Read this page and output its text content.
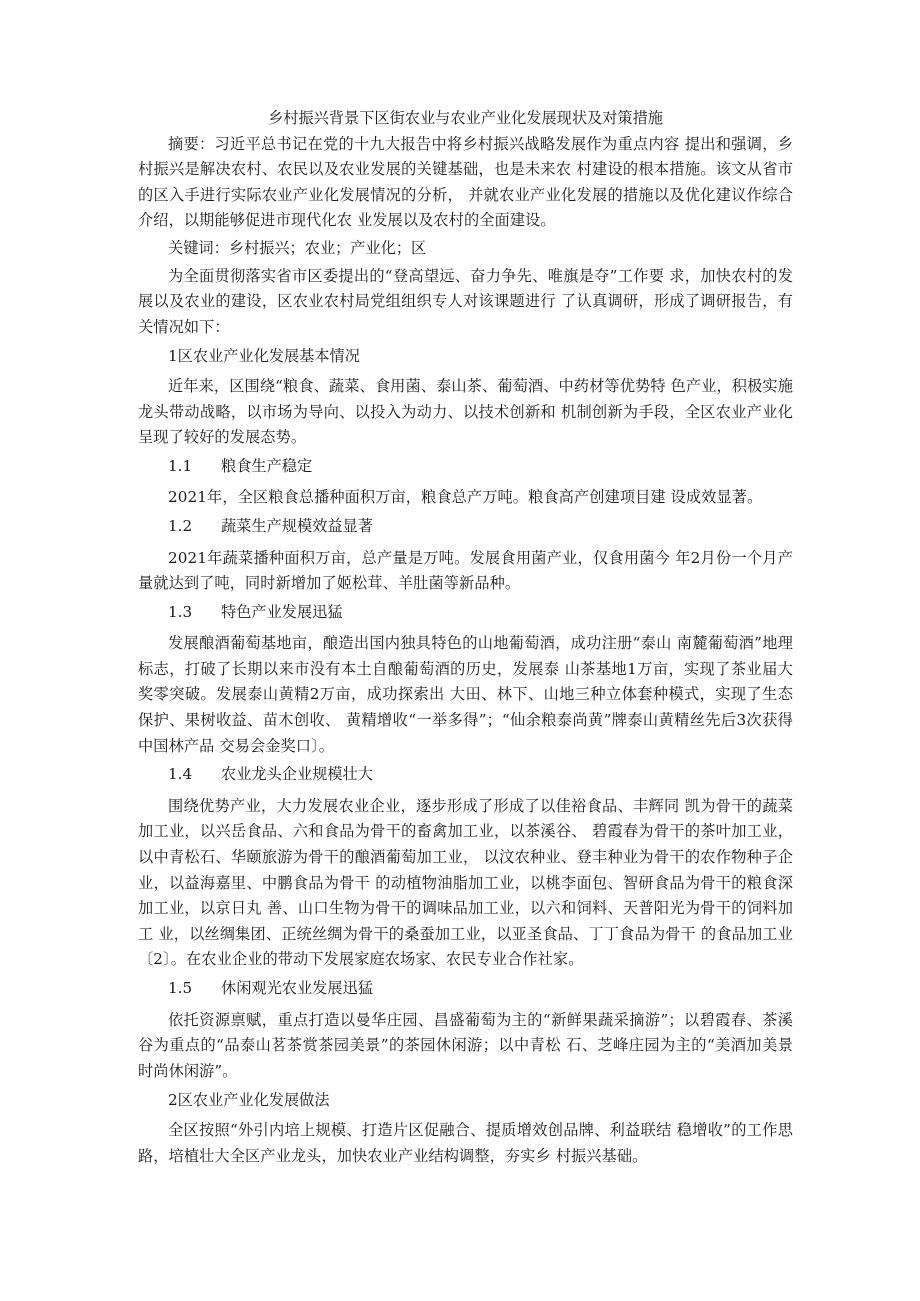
乡村振兴背景下区街农业与农业产业化发展现状及对策措施

摘要：习近平总书记在党的十九大报告中将乡村振兴战略发展作为重点内容 提出和强调，乡村振兴是解决农村、农民以及农业发展的关键基础，也是未来农 村建设的根本措施。该文从省市的区入手进行实际农业产业化发展情况的分析， 并就农业产业化发展的措施以及优化建议作综合介绍，以期能够促进市现代化农 业发展以及农村的全面建设。

关键词：乡村振兴；农业；产业化；区

为全面贯彻落实省市区委提出的“登高望远、奋力争先、唯旗是夺”工作要 求，加快农村的发展以及农业的建设，区农业农村局党组组织专人对该课题进行 了认真调研，形成了调研报告，有关情况如下：

1区农业产业化发展基本情况

近年来，区围绕“粮食、蔬菜、食用菌、泰山茶、葡萄酒、中药材等优势特 色产业，积极实施龙头带动战略，以市场为导向、以投入为动力、以技术创新和 机制创新为手段，全区农业产业化呈现了较好的发展态势。

1.1	粮食生产稳定

2021年，全区粮食总播种面积万亩，粮食总产万吨。粮食高产创建项目建 设成效显著。

1.2	蔬菜生产规模效益显著

2021年蔬菜播种面积万亩，总产量是万吨。发展食用菌产业，仅食用菌今 年2月份一个月产量就达到了吨，同时新增加了姬松茸、羊肚菌等新品种。

1.3	特色产业发展迅猛

发展酿酒葡萄基地亩，酿造出国内独具特色的山地葡萄酒，成功注册“泰山 南麓葡萄酒”地理标志，打破了长期以来市没有本土自酿葡萄酒的历史，发展泰 山茶基地1万亩，实现了茶业届大奖零突破。发展泰山黄精2万亩，成功探索出 大田、林下、山地三种立体套种模式，实现了生态保护、果树收益、苗木创收、 黄精增收“一举多得”；“仙余粮泰尚黄”牌泰山黄精丝先后3次获得中国林产品 交易会金奖口〕。

1.4	农业龙头企业规模壮大

围绕优势产业，大力发展农业企业，逐步形成了形成了以佳裕食品、丰辉同 凯为骨干的蔬菜加工业，以兴岳食品、六和食品为骨干的畜禽加工业，以茶溪谷、 碧霞春为骨干的茶叶加工业，以中青松石、华颐旅游为骨干的酿酒葡萄加工业， 以汶农种业、登丰种业为骨干的农作物种子企业，以益海嘉里、中鹏食品为骨干 的动植物油脂加工业，以桃李面包、智研食品为骨干的粮食深加工业，以京日丸 善、山口生物为骨干的调味品加工业，以六和饲料、天普阳光为骨干的饲料加工 业，以丝绸集团、正统丝绸为骨干的桑蚕加工业，以亚圣食品、丁丁食品为骨干 的食品加工业〔2〕。在农业企业的带动下发展家庭农场家、农民专业合作社家。

1.5	休闲观光农业发展迅猛

依托资源禀赋，重点打造以曼华庄园、昌盛葡萄为主的“新鲜果蔬采摘游”；以碧霞春、茶溪谷为重点的“品泰山茗茶赏茶园美景”的茶园休闲游；以中青松 石、芝峰庄园为主的“美酒加美景时尚休闲游”。

2区农业产业化发展做法

全区按照“外引内培上规模、打造片区促融合、提质增效创品牌、利益联结 稳增收”的工作思路，培植壮大全区产业龙头，加快农业产业结构调整，夯实乡 村振兴基础。
